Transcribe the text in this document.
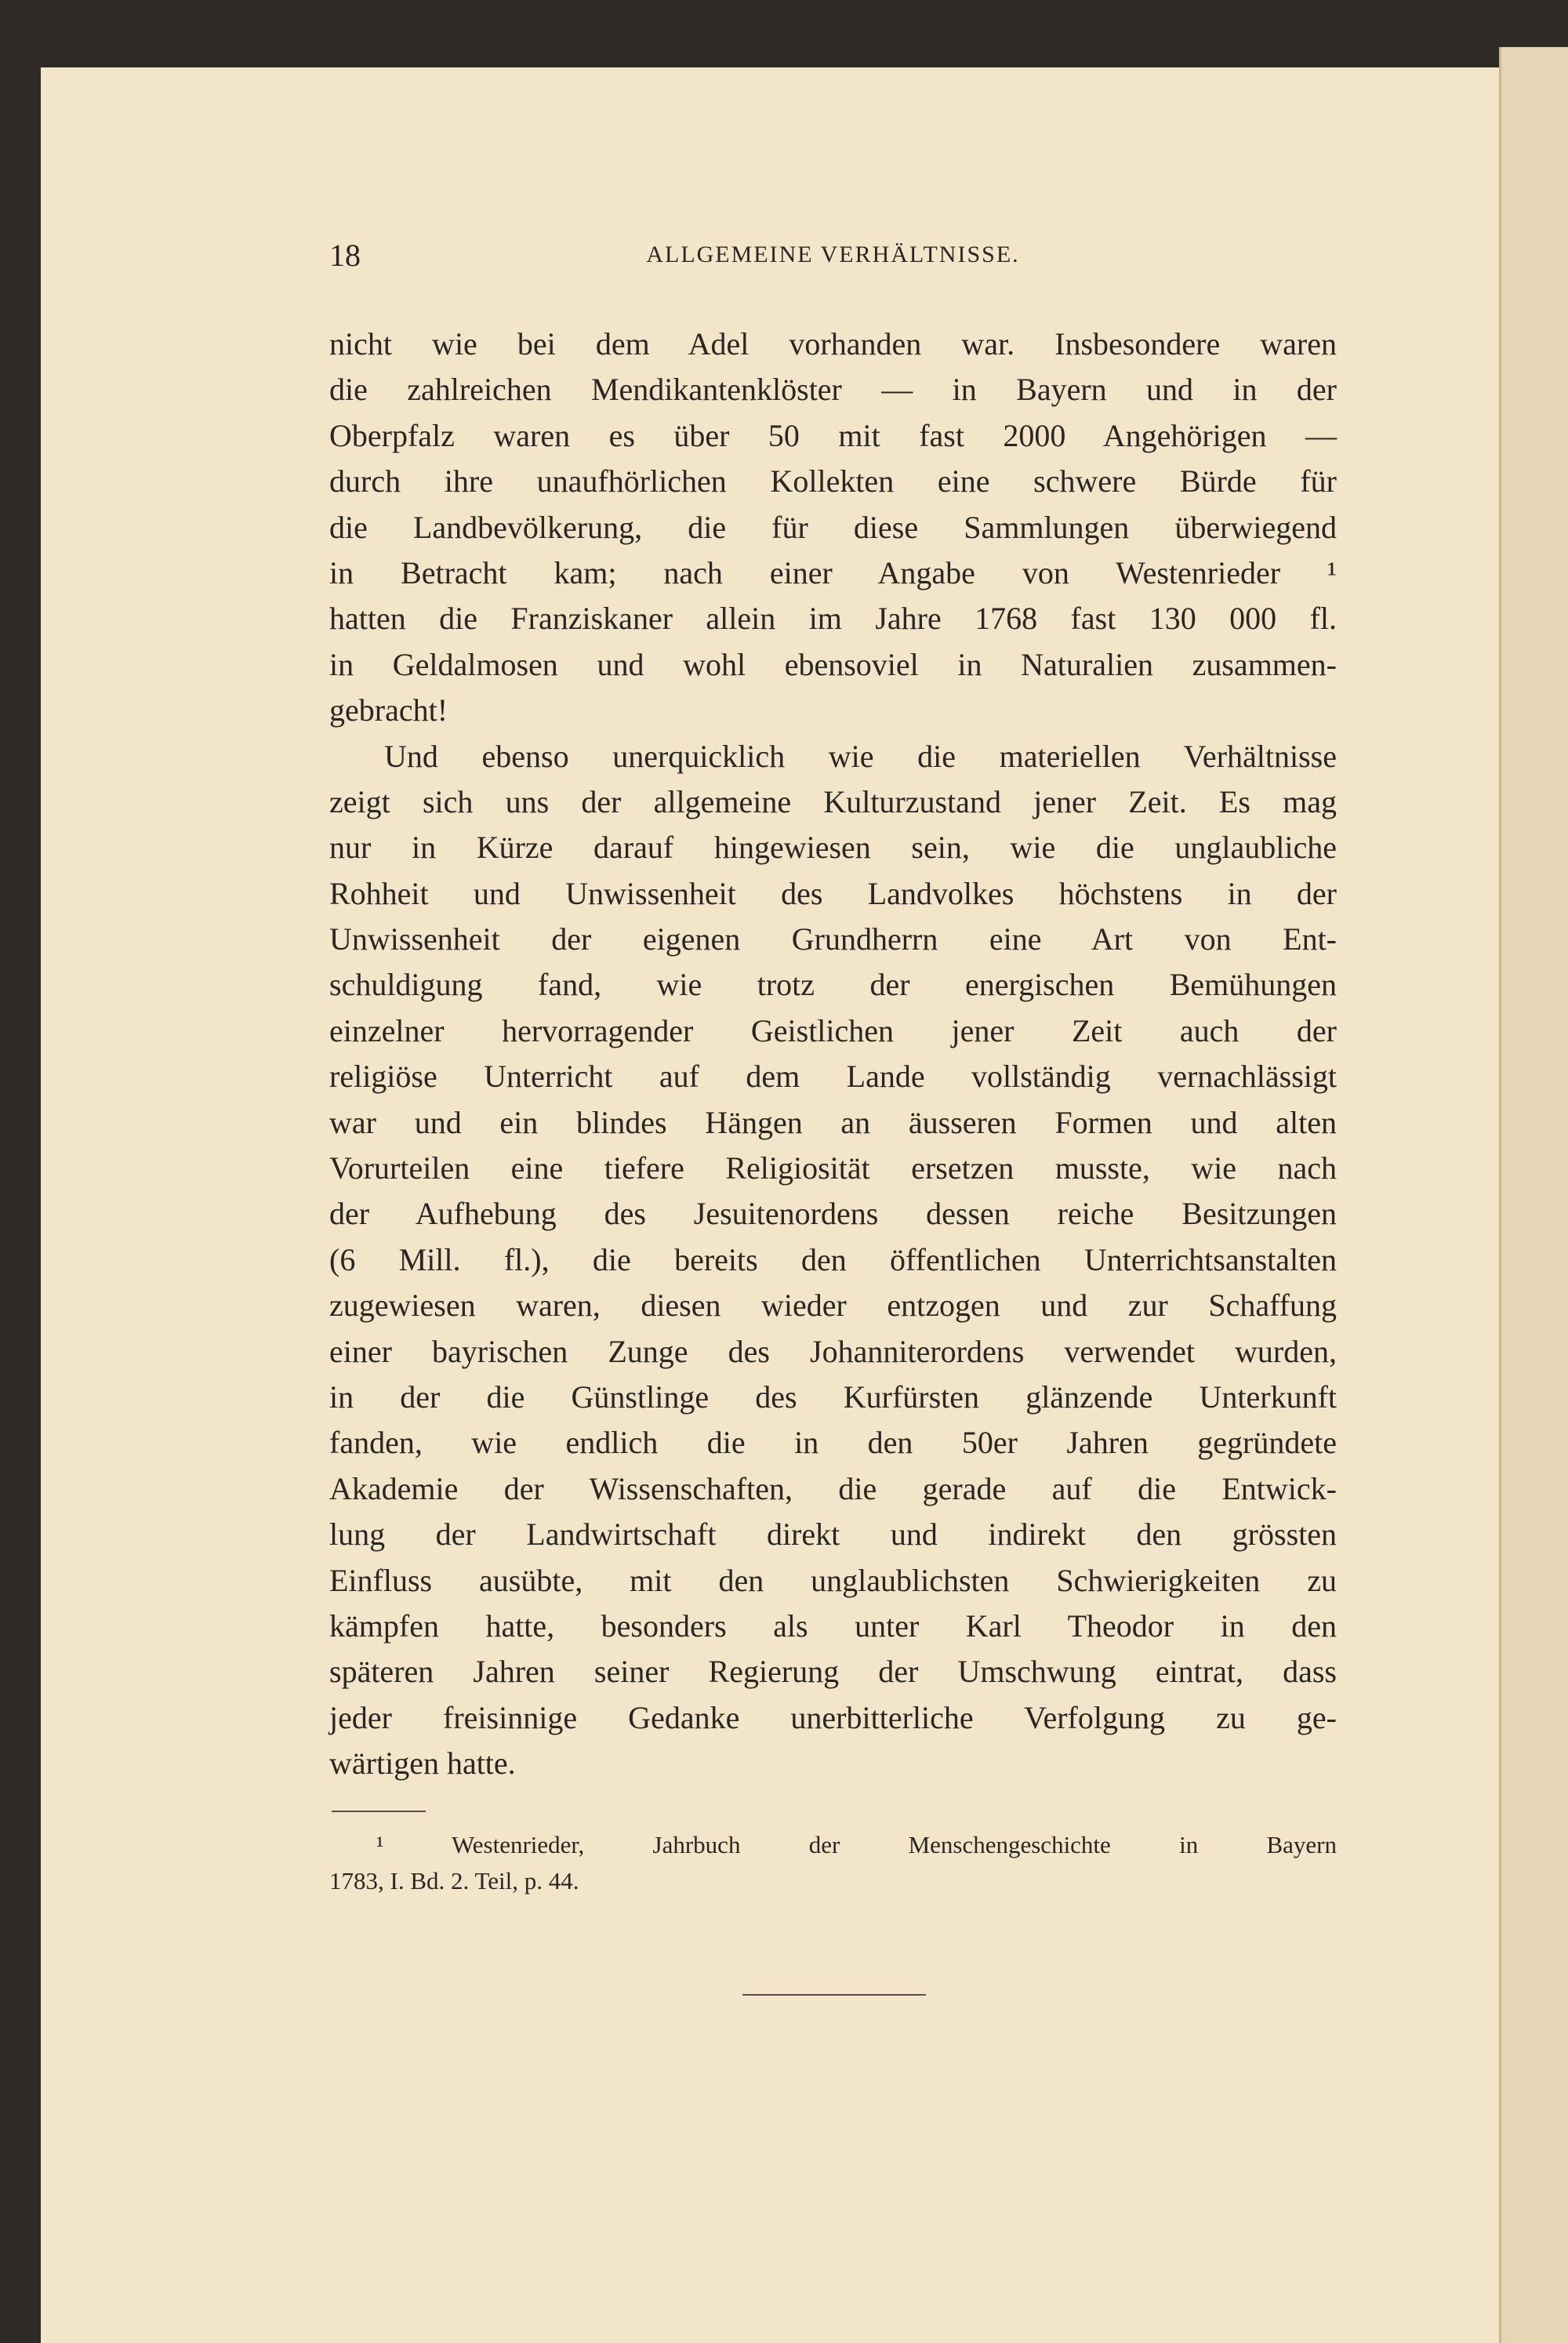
18	ALLGEMEINE VERHÄLTNISSE.
nicht wie bei dem Adel vorhanden war. Insbesondere waren
die zahlreichen Mendikantenklöster — in Bayern und in der
Oberpfalz waren es über 50 mit fast 2000 Angehörigen —
durch ihre unaufhörlichen Kollekten eine schwere Bürde für
die Landbevölkerung, die für diese Sammlungen überwiegend
in Betracht kam; nach einer Angabe von Westenrieder ¹
hatten die Franziskaner allein im Jahre 1768 fast 130 000 fl.
in Geldalmosen und wohl ebensoviel in Naturalien zusammen-
gebracht!
Und ebenso unerquicklich wie die materiellen Verhältnisse
zeigt sich uns der allgemeine Kulturzustand jener Zeit. Es mag
nur in Kürze darauf hingewiesen sein, wie die unglaubliche
Rohheit und Unwissenheit des Landvolkes höchstens in der
Unwissenheit der eigenen Grundherrn eine Art von Ent-
schuldigung fand, wie trotz der energischen Bemühungen
einzelner hervorragender Geistlichen jener Zeit auch der
religiöse Unterricht auf dem Lande vollständig vernachlässigt
war und ein blindes Hängen an äusseren Formen und alten
Vorurteilen eine tiefere Religiosität ersetzen musste, wie nach
der Aufhebung des Jesuitenordens dessen reiche Besitzungen
(6 Mill. fl.), die bereits den öffentlichen Unterrichtsanstalten
zugewiesen waren, diesen wieder entzogen und zur Schaffung
einer bayrischen Zunge des Johanniterordens verwendet wurden,
in der die Günstlinge des Kurfürsten glänzende Unterkunft
fanden, wie endlich die in den 50er Jahren gegründete
Akademie der Wissenschaften, die gerade auf die Entwick-
lung der Landwirtschaft direkt und indirekt den grössten
Einfluss ausübte, mit den unglaublichsten Schwierigkeiten zu
kämpfen hatte, besonders als unter Karl Theodor in den
späteren Jahren seiner Regierung der Umschwung eintrat, dass
jeder freisinnige Gedanke unerbitterliche Verfolgung zu ge-
wärtigen hatte.
¹ Westenrieder, Jahrbuch der Menschengeschichte in Bayern
1783, I. Bd. 2. Teil, p. 44.
